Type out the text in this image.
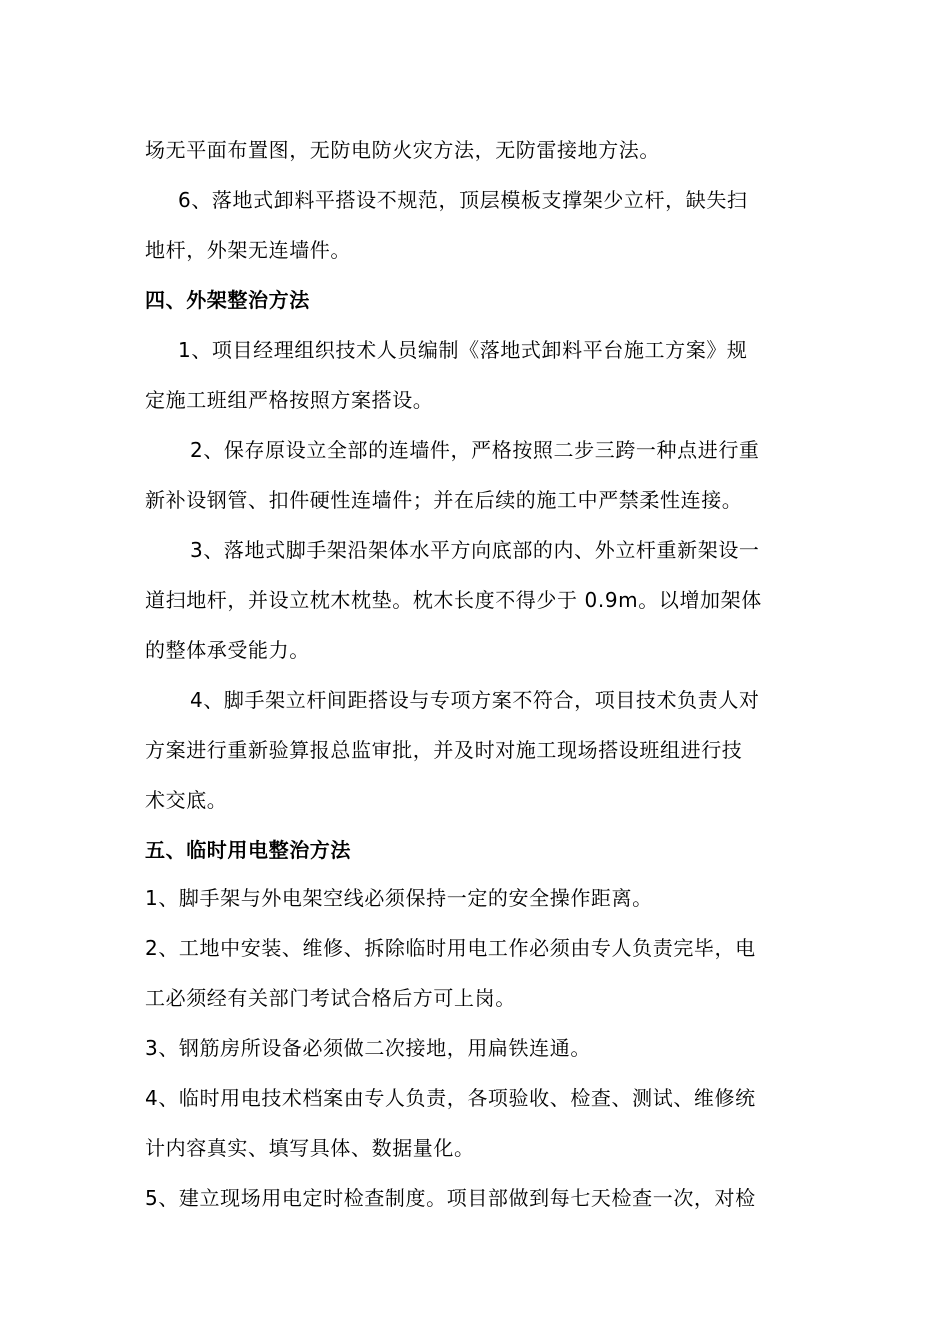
场无平面布置图，无防电防火灾方法，无防雷接地方法。
6、落地式卸料平搭设不规范，顶层模板支撑架少立杆，缺失扫
地杆，外架无连墙件。
四、外架整治方法
1、项目经理组织技术人员编制《落地式卸料平台施工方案》规
定施工班组严格按照方案搭设。
2、保存原设立全部的连墙件，严格按照二步三跨一种点进行重
新补设钢管、扣件硬性连墙件；并在后续的施工中严禁柔性连接。
3、落地式脚手架沿架体水平方向底部的内、外立杆重新架设一
道扫地杆，并设立枕木枕垫。枕木长度不得少于 0.9m。以增加架体
的整体承受能力。
4、脚手架立杆间距搭设与专项方案不符合，项目技术负责人对
方案进行重新验算报总监审批，并及时对施工现场搭设班组进行技
术交底。
五、临时用电整治方法
1、脚手架与外电架空线必须保持一定的安全操作距离。
2、工地中安装、维修、拆除临时用电工作必须由专人负责完毕，电
工必须经有关部门考试合格后方可上岗。
3、钢筋房所设备必须做二次接地，用扁铁连通。
4、临时用电技术档案由专人负责，各项验收、检查、测试、维修统
计内容真实、填写具体、数据量化。
5、建立现场用电定时检查制度。项目部做到每七天检查一次，对检
